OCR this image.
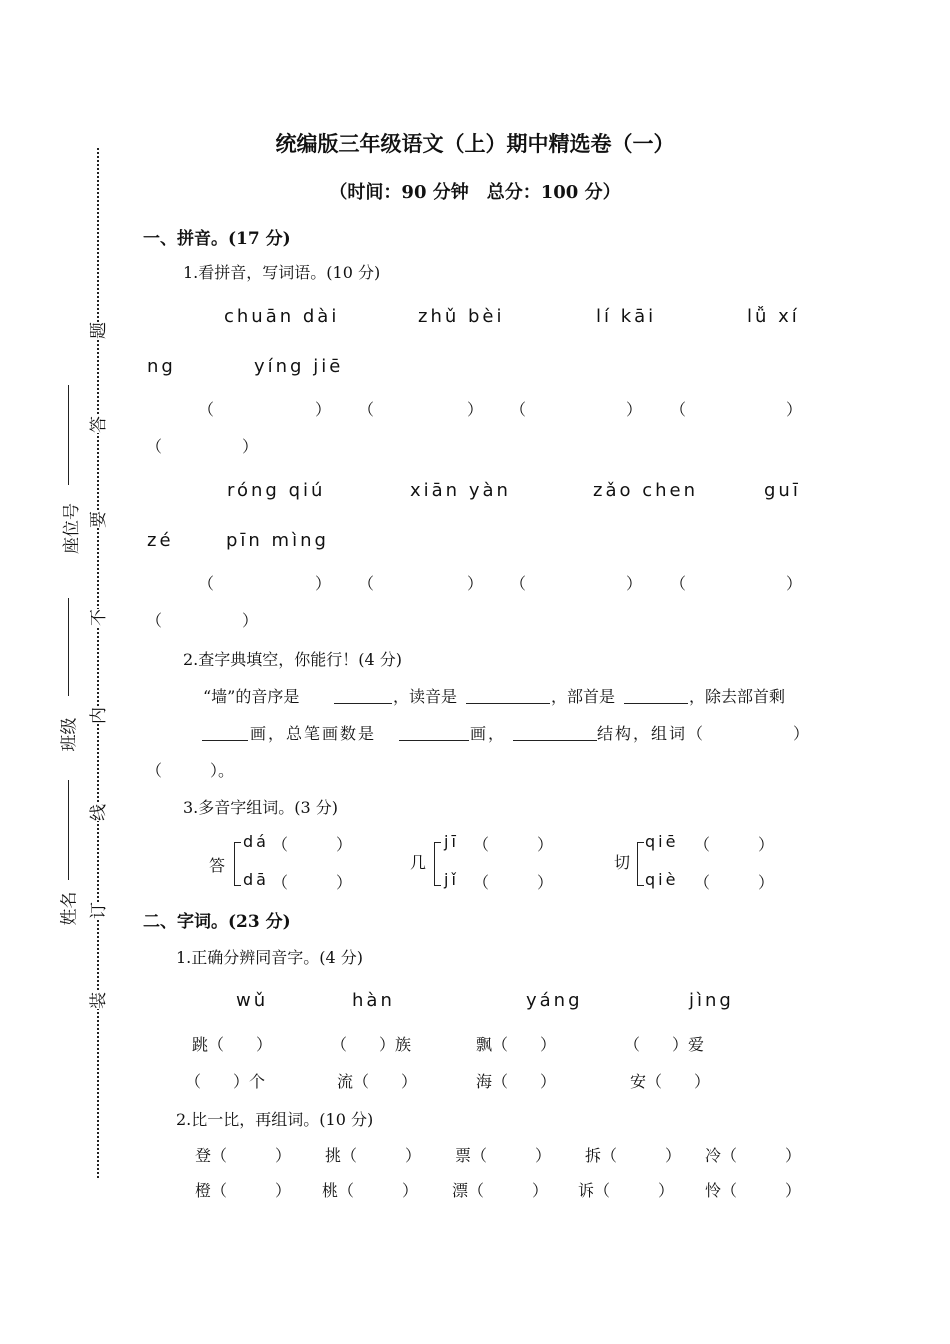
题
答
要
不
内
线
订
装
座位号
班级
姓名
统编版三年级语文（上）期中精选卷（一）
（时间：90 分钟　总分：100 分）
一、拼音。(17 分)
1.看拼音，写词语。(10 分)
chuān dài	zhǔ bèi	lí kāi	lǚ xí
ng	yíng jiē
（	） （	） （	） （	）
（	）
róng qiú	xiān yàn	zǎo chen	guī
zé	pīn mìng
（	） （	） （	） （	）
（	）
2.查字典填空，你能行！(4 分)
“墙”的音序是	，读音是	，部首是	，除去部首剩
画，总笔画数是	画，	结构，组词（	）
（　　　）。
3.多音字组词。(3 分)
答
dá （　　　）
dā （　　　）
几
jī （　　　）
jǐ （　　　）
切
qiē （　　　）
qiè （　　　）
二、字词。(23 分)
1.正确分辨同音字。(4 分)
wǔ	hàn	yáng	jìng
跳（　　）	（　　）族	飘（　　）	（　　）爱
（　　）个	流（　　）	海（　　）	安（　　）
2.比一比，再组词。(10 分)
登（　　　） 挑（　　　） 票（　　　） 拆（　　　） 冷（　　　）
橙（　　　） 桃（　　　） 漂（　　　） 诉（　　　） 怜（　　　）
